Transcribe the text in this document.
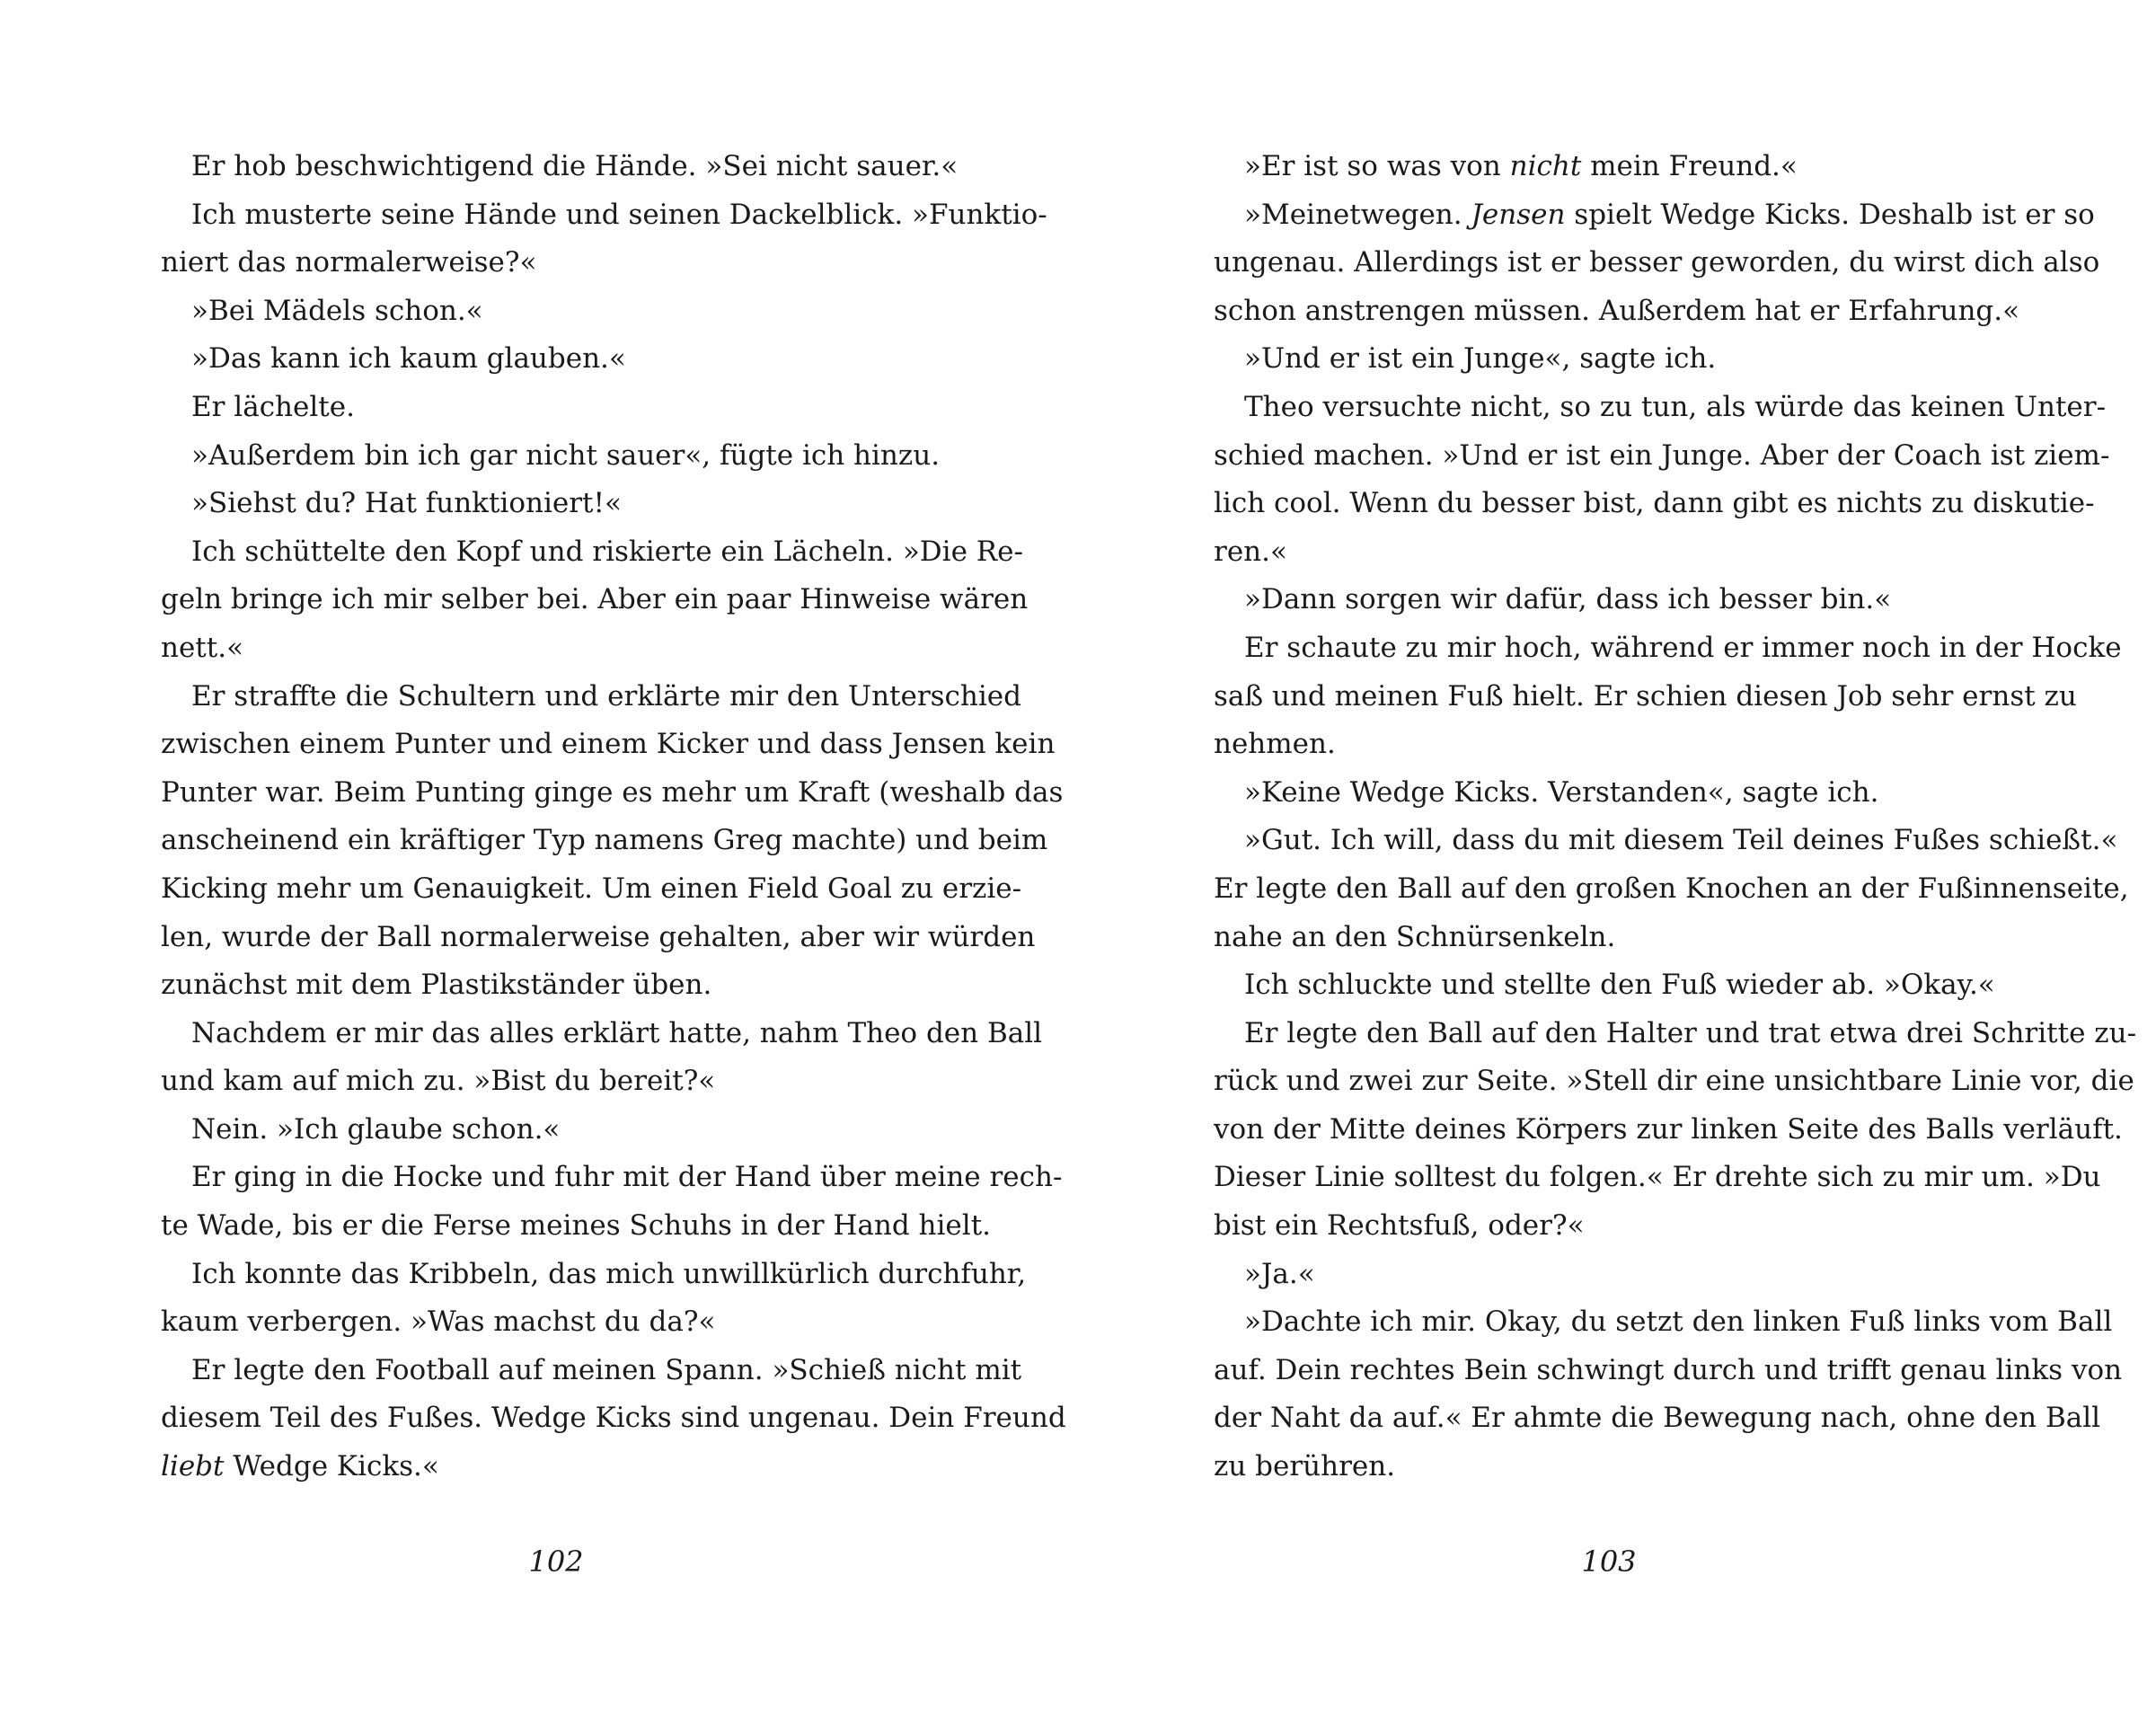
Er hob beschwichtigend die Hände. »Sei nicht sauer.«
Ich musterte seine Hände und seinen Dackelblick. »Funktio-
niert das normalerweise?«
»Bei Mädels schon.«
»Das kann ich kaum glauben.«
Er lächelte.
»Außerdem bin ich gar nicht sauer«, fügte ich hinzu.
»Siehst du? Hat funktioniert!«
Ich schüttelte den Kopf und riskierte ein Lächeln. »Die Re-
geln bringe ich mir selber bei. Aber ein paar Hinweise wären
nett.«
Er straffte die Schultern und erklärte mir den Unterschied
zwischen einem Punter und einem Kicker und dass Jensen kein
Punter war. Beim Punting ginge es mehr um Kraft (weshalb das
anscheinend ein kräftiger Typ namens Greg machte) und beim
Kicking mehr um Genauigkeit. Um einen Field Goal zu erzie-
len, wurde der Ball normalerweise gehalten, aber wir würden
zunächst mit dem Plastikständer üben.
Nachdem er mir das alles erklärt hatte, nahm Theo den Ball
und kam auf mich zu. »Bist du bereit?«
Nein. »Ich glaube schon.«
Er ging in die Hocke und fuhr mit der Hand über meine rech-
te Wade, bis er die Ferse meines Schuhs in der Hand hielt.
Ich konnte das Kribbeln, das mich unwillkürlich durchfuhr,
kaum verbergen. »Was machst du da?«
Er legte den Football auf meinen Spann. »Schieß nicht mit
diesem Teil des Fußes. Wedge Kicks sind ungenau. Dein Freund
liebt Wedge Kicks.«
102
»Er ist so was von nicht mein Freund.«
»Meinetwegen. Jensen spielt Wedge Kicks. Deshalb ist er so
ungenau. Allerdings ist er besser geworden, du wirst dich also
schon anstrengen müssen. Außerdem hat er Erfahrung.«
»Und er ist ein Junge«, sagte ich.
Theo versuchte nicht, so zu tun, als würde das keinen Unter-
schied machen. »Und er ist ein Junge. Aber der Coach ist ziem-
lich cool. Wenn du besser bist, dann gibt es nichts zu diskutie-
ren.«
»Dann sorgen wir dafür, dass ich besser bin.«
Er schaute zu mir hoch, während er immer noch in der Hocke
saß und meinen Fuß hielt. Er schien diesen Job sehr ernst zu
nehmen.
»Keine Wedge Kicks. Verstanden«, sagte ich.
»Gut. Ich will, dass du mit diesem Teil deines Fußes schießt.«
Er legte den Ball auf den großen Knochen an der Fußinnenseite,
nahe an den Schnürsenkeln.
Ich schluckte und stellte den Fuß wieder ab. »Okay.«
Er legte den Ball auf den Halter und trat etwa drei Schritte zu-
rück und zwei zur Seite. »Stell dir eine unsichtbare Linie vor, die
von der Mitte deines Körpers zur linken Seite des Balls verläuft.
Dieser Linie solltest du folgen.« Er drehte sich zu mir um. »Du
bist ein Rechtsfuß, oder?«
»Ja.«
»Dachte ich mir. Okay, du setzt den linken Fuß links vom Ball
auf. Dein rechtes Bein schwingt durch und trifft genau links von
der Naht da auf.« Er ahmte die Bewegung nach, ohne den Ball
zu berühren.
103
